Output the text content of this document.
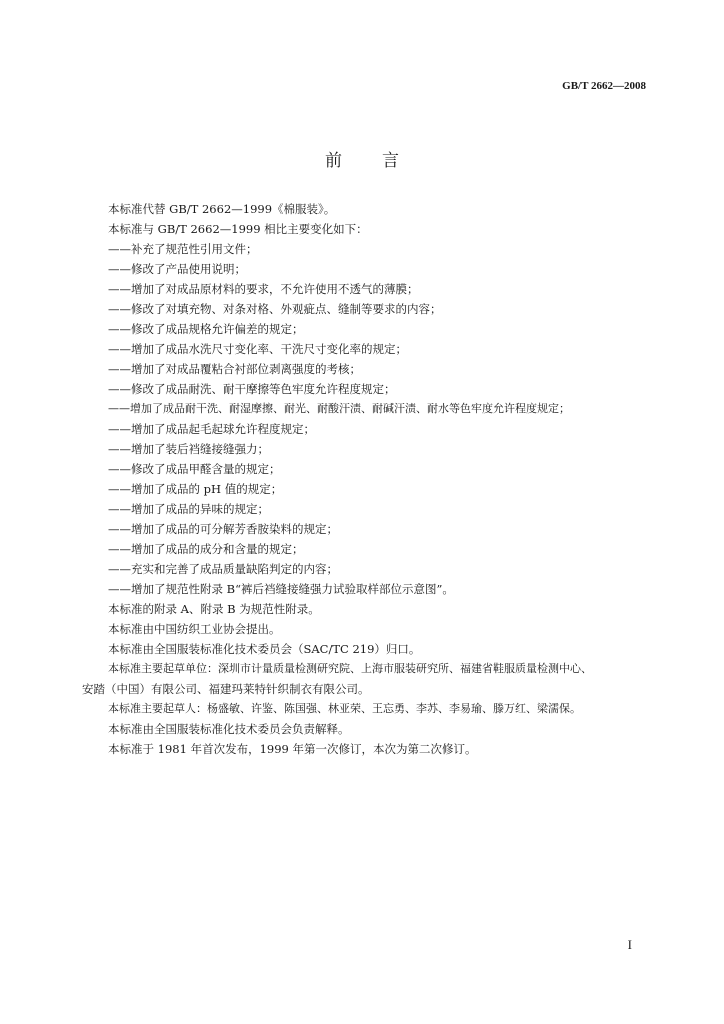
GB/T 2662—2008
前言
本标准代替 GB/T 2662—1999《棉服装》。
本标准与 GB/T 2662—1999 相比主要变化如下：
——补充了规范性引用文件；
——修改了产品使用说明；
——增加了对成品原材料的要求，不允许使用不透气的薄膜；
——修改了对填充物、对条对格、外观疵点、缝制等要求的内容；
——修改了成品规格允许偏差的规定；
——增加了成品水洗尺寸变化率、干洗尺寸变化率的规定；
——增加了对成品覆粘合衬部位剥离强度的考核；
——修改了成品耐洗、耐干摩擦等色牢度允许程度规定；
——增加了成品耐干洗、耐湿摩擦、耐光、耐酸汗渍、耐碱汗渍、耐水等色牢度允许程度规定；
——增加了成品起毛起球允许程度规定；
——增加了装后裆缝接缝强力；
——修改了成品甲醛含量的规定；
——增加了成品的 pH 值的规定；
——增加了成品的异味的规定；
——增加了成品的可分解芳香胺染料的规定；
——增加了成品的成分和含量的规定；
——充实和完善了成品质量缺陷判定的内容；
——增加了规范性附录 B“裤后裆缝接缝强力试验取样部位示意图”。
本标准的附录 A、附录 B 为规范性附录。
本标准由中国纺织工业协会提出。
本标准由全国服装标准化技术委员会（SAC/TC 219）归口。
本标准主要起草单位：深圳市计量质量检测研究院、上海市服装研究所、福建省鞋服质量检测中心、
安踏（中国）有限公司、福建玛莱特针织制衣有限公司。
本标准主要起草人：杨盛敏、许鉴、陈国强、林亚荣、王忘勇、李苏、李易瑜、滕万红、梁濡保。
本标准由全国服装标准化技术委员会负责解释。
本标准于 1981 年首次发布，1999 年第一次修订，本次为第二次修订。
I
